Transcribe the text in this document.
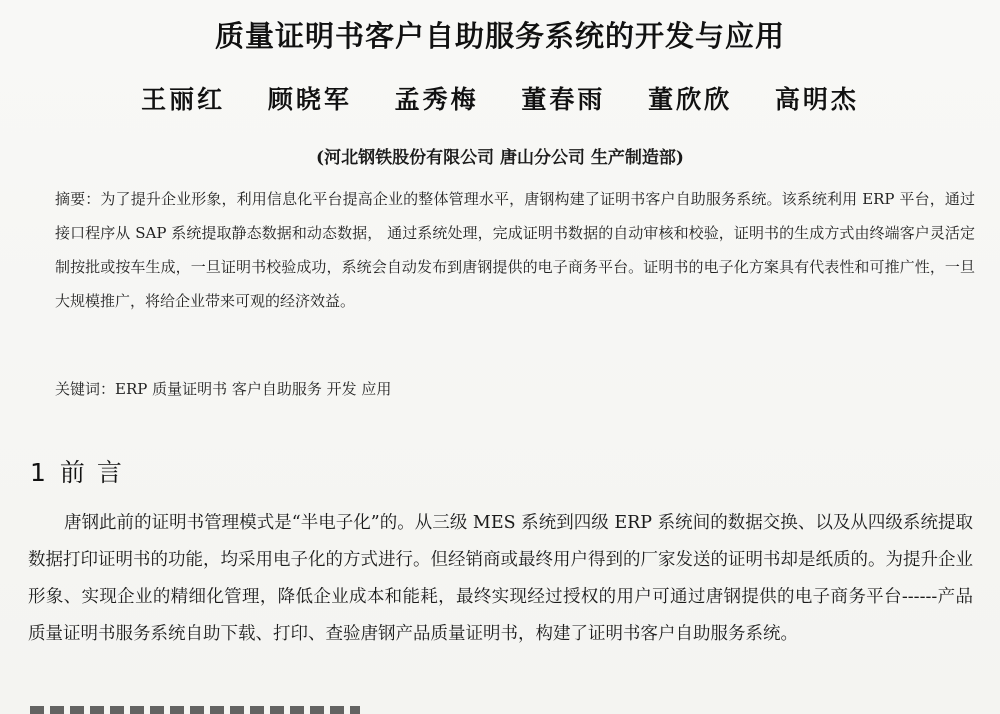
质量证明书客户自助服务系统的开发与应用
王丽红 顾晓军 孟秀梅 董春雨 董欣欣 高明杰
(河北钢铁股份有限公司 唐山分公司 生产制造部)
摘要：为了提升企业形象，利用信息化平台提高企业的整体管理水平，唐钢构建了证明书客户自助服务系统。该系统利用 ERP 平台，通过接口程序从 SAP 系统提取静态数据和动态数据， 通过系统处理，完成证明书数据的自动审核和校验，证明书的生成方式由终端客户灵活定制按批或按车生成，一旦证明书校验成功，系统会自动发布到唐钢提供的电子商务平台。证明书的电子化方案具有代表性和可推广性，一旦大规模推广，将给企业带来可观的经济效益。
关键词：ERP 质量证明书 客户自助服务 开发 应用
1 前 言
唐钢此前的证明书管理模式是“半电子化”的。从三级 MES 系统到四级 ERP 系统间的数据交换、以及从四级系统提取数据打印证明书的功能，均采用电子化的方式进行。但经销商或最终用户得到的厂家发送的证明书却是纸质的。为提升企业形象、实现企业的精细化管理，降低企业成本和能耗，最终实现经过授权的用户可通过唐钢提供的电子商务平台------产品质量证明书服务系统自助下载、打印、查验唐钢产品质量证明书，构建了证明书客户自助服务系统。
